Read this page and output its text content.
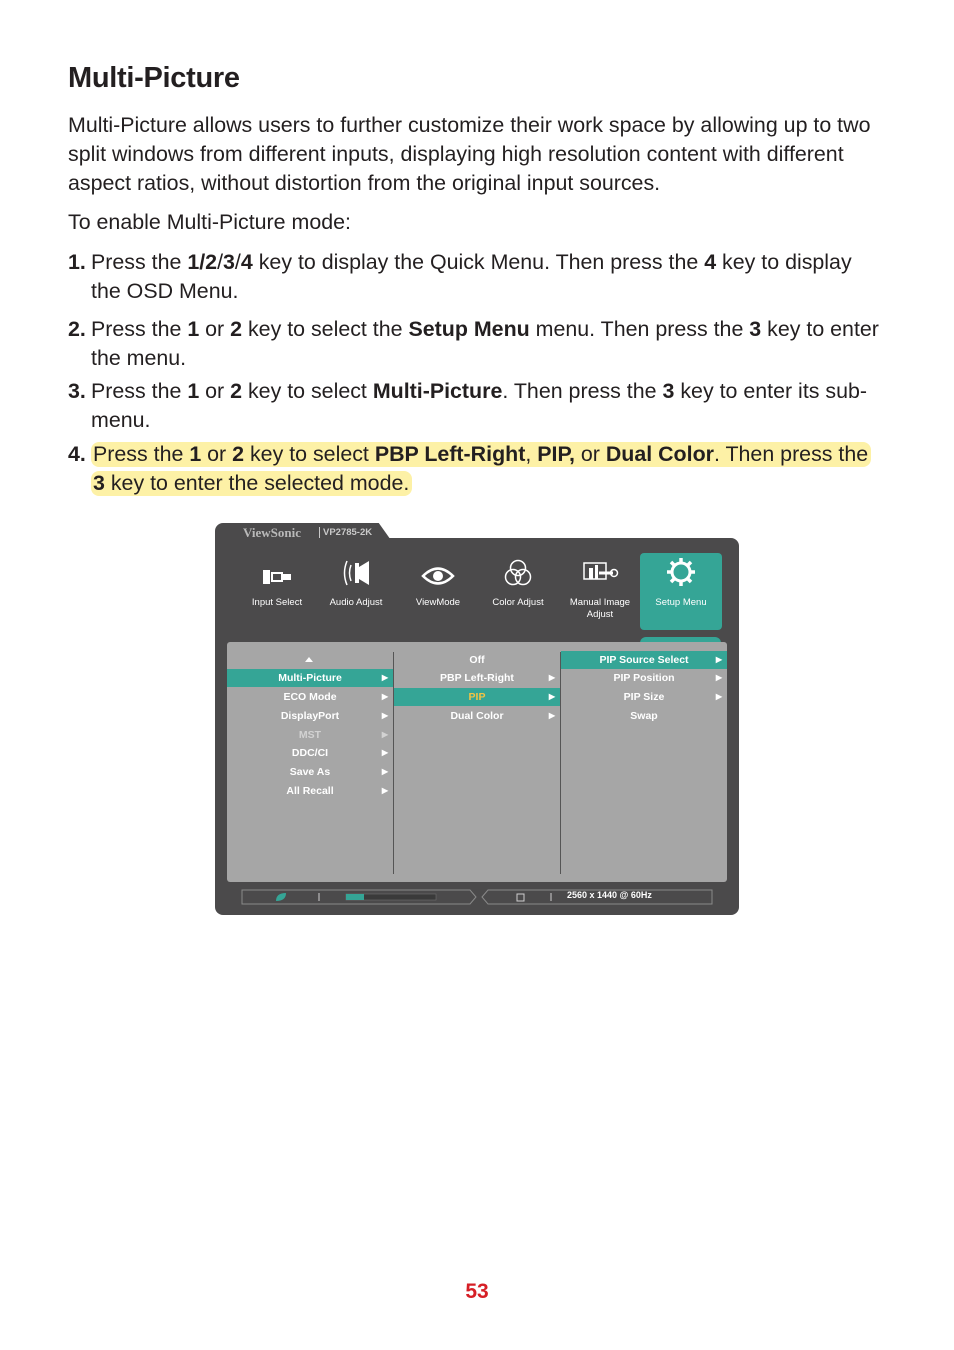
Multi-Picture

Multi-Picture allows users to further customize their work space by allowing up to two split windows from different inputs, displaying high resolution content with different aspect ratios, without distortion from the original input sources.

To enable Multi-Picture mode:

1. Press the 1/2/3/4 key to display the Quick Menu. Then press the 4 key to display the OSD Menu.
2. Press the 1 or 2 key to select the Setup Menu menu. Then press the 3 key to enter the menu.
3. Press the 1 or 2 key to select Multi-Picture. Then press the 3 key to enter its sub-menu.
4. Press the 1 or 2 key to select PBP Left-Right, PIP, or Dual Color. Then press the 3 key to enter the selected mode.
ViewSonic	VP2785-2K
Input Select	Audio Adjust	ViewMode	Color Adjust	Manual Image Adjust
Setup Menu
Multi-Picture	▶
ECO Mode	▶
DisplayPort	▶
MST	▶
DDC/CI	▶
Save As	▶
All Recall	▶
Off
PBP Left-Right	▶
PIP	▶
Dual Color	▶
PIP Source Select	▶
PIP Position	▶
PIP Size	▶
Swap
2560 x 1440 @ 60Hz

53
